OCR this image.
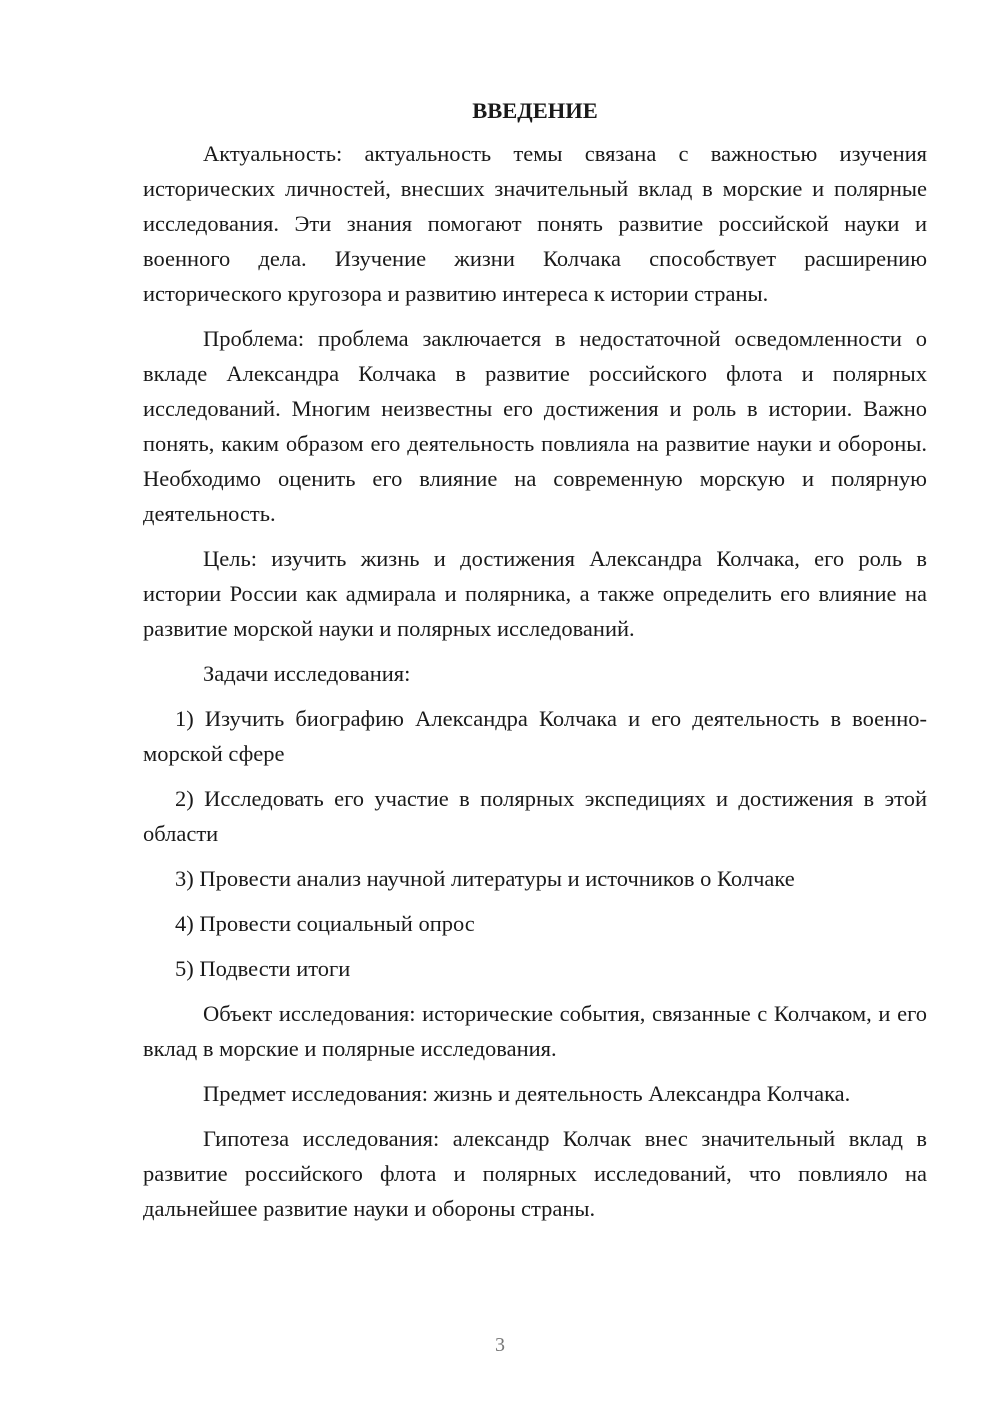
ВВЕДЕНИЕ

Актуальность: актуальность темы связана с важностью изучения исторических личностей, внесших значительный вклад в морские и полярные исследования. Эти знания помогают понять развитие российской науки и военного дела. Изучение жизни Колчака способствует расширению исторического кругозора и развитию интереса к истории страны.

Проблема: проблема заключается в недостаточной осведомленности о вкладе Александра Колчака в развитие российского флота и полярных исследований. Многим неизвестны его достижения и роль в истории. Важно понять, каким образом его деятельность повлияла на развитие науки и обороны. Необходимо оценить его влияние на современную морскую и полярную деятельность.

Цель: изучить жизнь и достижения Александра Колчака, его роль в истории России как адмирала и полярника, а также определить его влияние на развитие морской науки и полярных исследований.

Задачи исследования:

1) Изучить биографию Александра Колчака и его деятельность в военно-морской сфере

2) Исследовать его участие в полярных экспедициях и достижения в этой области

3) Провести анализ научной литературы и источников о Колчаке

4) Провести социальный опрос

5) Подвести итоги

Объект исследования: исторические события, связанные с Колчаком, и его вклад в морские и полярные исследования.

Предмет исследования: жизнь и деятельность Александра Колчака.

Гипотеза исследования: александр Колчак внес значительный вклад в развитие российского флота и полярных исследований, что повлияло на дальнейшее развитие науки и обороны страны.

3
